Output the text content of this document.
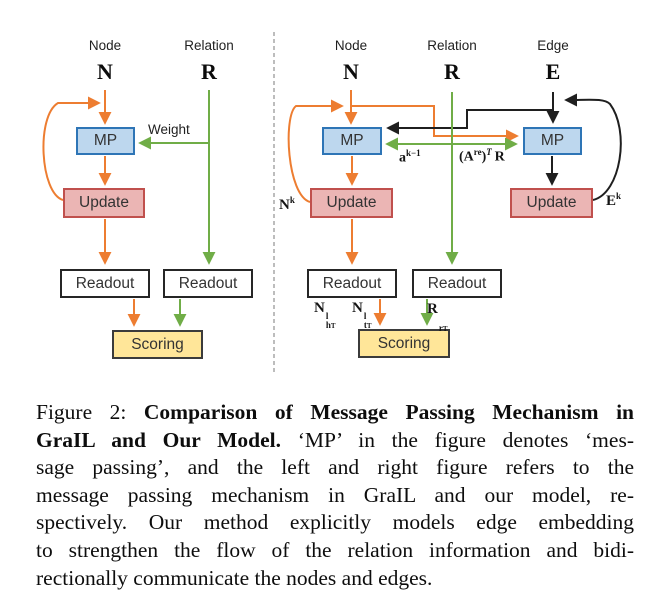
Node	Relation
N	R
Weight
MP
Update
Readout	Readout
Scoring
Node	Relation	Edge
N	R	E
MP	MP
Update	Update
Readout	Readout
Scoring
$N^k$	$E^k$
$a^{k-1}$	$(A^{re})^T$  R
N l
hT
N l
tT
R

rT
Figure 2: Comparison of Message Passing Mechanism in
GraIL and Our Model. ‘MP’ in the figure denotes ‘mes-
sage passing’, and the left and right figure refers to the
message passing mechanism in GraIL and our model, re-
spectively. Our method explicitly models edge embedding
to strengthen the flow of the relation information and bidi-
rectionally communicate the nodes and edges.
